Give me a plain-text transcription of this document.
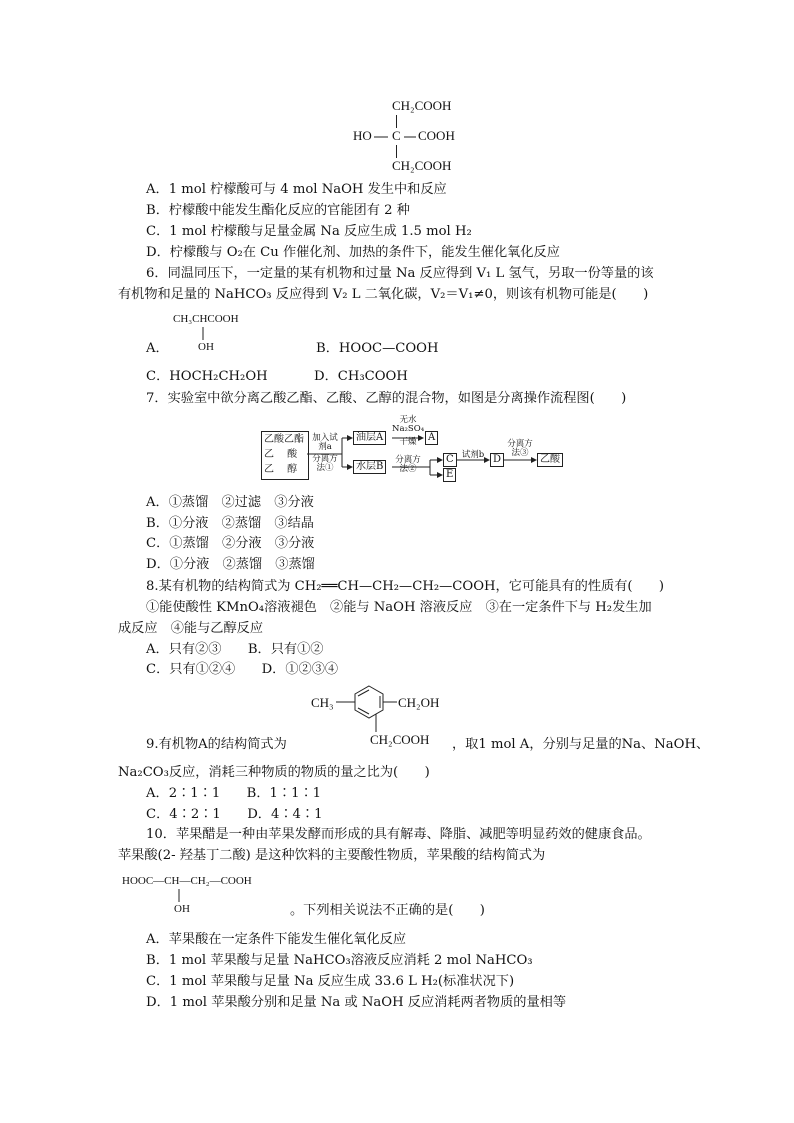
CH₂COOH
HO C COOH
CH₂COOH
A．1 mol 柠檬酸可与 4 mol NaOH 发生中和反应
B．柠檬酸中能发生酯化反应的官能团有 2 种
C．1 mol 柠檬酸与足量金属 Na 反应生成 1.5 mol H₂
D．柠檬酸与 O₂在 Cu 作催化剂、加热的条件下，能发生催化氧化反应
6．同温同压下，一定量的某有机物和过量 Na 反应得到 V₁ L 氢气，另取一份等量的该
有机物和足量的 NaHCO₃ 反应得到 V₂ L 二氧化碳，V₂＝V₁≠0，则该有机物可能是(　　)
A．
CH₃CHCOOH
OH	B．HOOC—COOH
C．HOCH₂CH₂OH	D．CH₃COOH
7．实验室中欲分离乙酸乙酯、乙酸、乙醇的混合物，如图是分离操作流程图(　　)
乙酸乙酯
乙　 酸
乙　 醇
加入试剂a
分离方法①
油层A
无水Na₂SO₄
干燥	A
水层B
分离方法②
C
E
试剂b D
分离方法③
乙酸
A．①蒸馏　②过滤　③分液
B．①分液　②蒸馏　③结晶
C．①蒸馏　②分液　③分液
D．①分液　②蒸馏　③蒸馏
8.某有机物的结构简式为 CH₂══CH—CH₂—CH₂—COOH，它可能具有的性质有(　　)
①能使酸性 KMnO₄溶液褪色　②能与 NaOH 溶液反应　③在一定条件下与 H₂发生加
成反应　④能与乙醇反应
A．只有②③　　B．只有①②
C．只有①②④　　D．①②③④
CH₃	CH₂OH
CH₂COOH
9.有机物A的结构简式为	，取1 mol A，分别与足量的Na、NaOH、
Na₂CO₃反应，消耗三种物质的物质的量之比为(　　)
A．2∶1∶1　　B．1∶1∶1
C．4∶2∶1　　D．4∶4∶1
10．苹果醋是一种由苹果发酵而形成的具有解毒、降脂、减肥等明显药效的健康食品。
苹果酸(2- 羟基丁二酸) 是这种饮料的主要酸性物质，苹果酸的结构简式为
HOOC—CH—CH₂—COOH
OH	。下列相关说法不正确的是(　　)
A．苹果酸在一定条件下能发生催化氧化反应
B．1 mol 苹果酸与足量 NaHCO₃溶液反应消耗 2 mol NaHCO₃
C．1 mol 苹果酸与足量 Na 反应生成 33.6 L H₂(标准状况下)
D．1 mol 苹果酸分别和足量 Na 或 NaOH 反应消耗两者物质的量相等
